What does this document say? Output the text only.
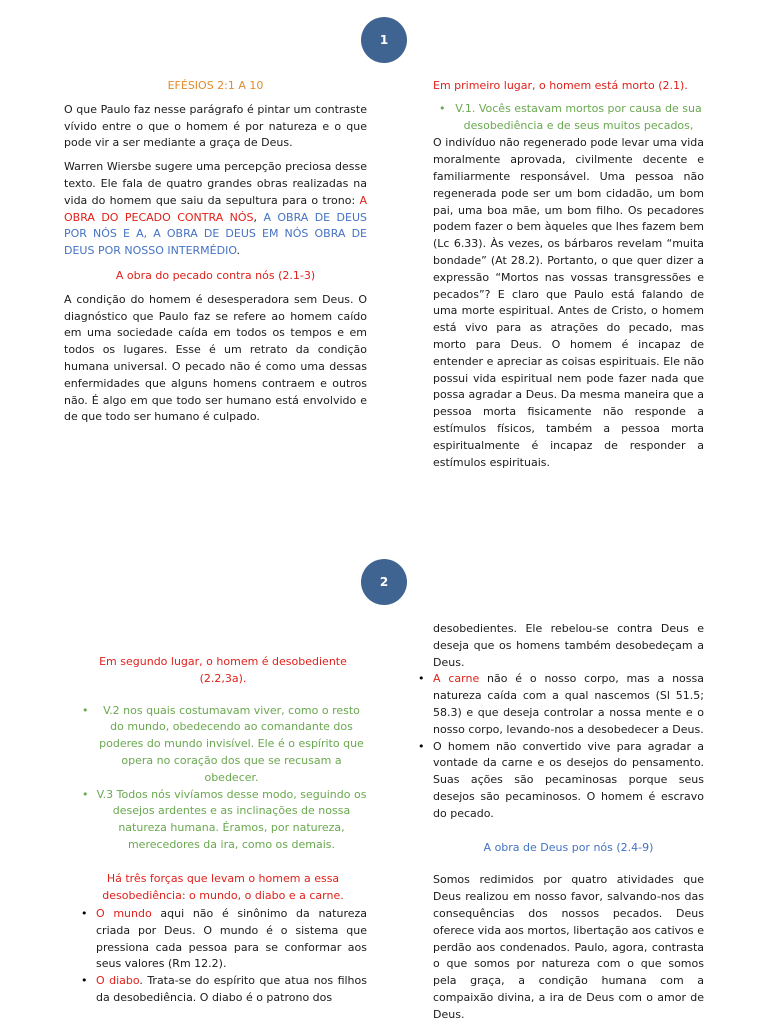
1

EFÉSIOS 2:1 A 10

O que Paulo faz nesse parágrafo é pintar um contraste vívido entre o que o homem é por natureza e o que pode vir a ser mediante a graça de Deus.

Warren Wiersbe sugere uma percepção preciosa desse texto. Ele fala de quatro grandes obras realizadas na vida do homem que saiu da sepultura para o trono: A OBRA DO PECADO CONTRA NÓS, A OBRA DE DEUS POR NÓS E A, A OBRA DE DEUS EM NÓS OBRA DE DEUS POR NOSSO INTERMÉDIO.

A obra do pecado contra nós (2.1-3)

A condição do homem é desesperadora sem Deus. O diagnóstico que Paulo faz se refere ao homem caído em uma sociedade caída em todos os tempos e em todos os lugares. Esse é um retrato da condição humana universal. O pecado não é como uma dessas enfermidades que alguns homens contraem e outros não. É algo em que todo ser humano está envolvido e de que todo ser humano é culpado.

Em primeiro lugar, o homem está morto (2.1).

• V.1. Vocês estavam mortos por causa de sua desobediência e de seus muitos pecados,

O indivíduo não regenerado pode levar uma vida moralmente aprovada, civilmente decente e familiarmente responsável. Uma pessoa não regenerada pode ser um bom cidadão, um bom pai, uma boa mãe, um bom filho. Os pecadores podem fazer o bem àqueles que lhes fazem bem (Lc 6.33). Às vezes, os bárbaros revelam “muita bondade” (At 28.2). Portanto, o que quer dizer a expressão “Mortos nas vossas transgressões e pecados”? E claro que Paulo está falando de uma morte espiritual. Antes de Cristo, o homem está vivo para as atrações do pecado, mas morto para Deus. O homem é incapaz de entender e apreciar as coisas espirituais. Ele não possui vida espiritual nem pode fazer nada que possa agradar a Deus. Da mesma maneira que a pessoa morta fisicamente não responde a estímulos físicos, também a pessoa morta espiritualmente é incapaz de responder a estímulos espirituais.

2

Em segundo lugar, o homem é desobediente (2.2,3a).

• V.2 nos quais costumavam viver, como o resto do mundo, obedecendo ao comandante dos poderes do mundo invisível. Ele é o espírito que opera no coração dos que se recusam a obedecer.
• V.3 Todos nós vivíamos desse modo, seguindo os desejos ardentes e as inclinações de nossa natureza humana. Éramos, por natureza, merecedores da ira, como os demais.

Há três forças que levam o homem a essa desobediência: o mundo, o diabo e a carne.

• O mundo aqui não é sinônimo da natureza criada por Deus. O mundo é o sistema que pressiona cada pessoa para se conformar aos seus valores (Rm 12.2).
• O diabo. Trata-se do espírito que atua nos filhos da desobediência. O diabo é o patrono dos

desobedientes. Ele rebelou-se contra Deus e deseja que os homens também desobedeçam a Deus.

• A carne não é o nosso corpo, mas a nossa natureza caída com a qual nascemos (Sl 51.5; 58.3) e que deseja controlar a nossa mente e o nosso corpo, levando-nos a desobedecer a Deus.
• O homem não convertido vive para agradar a vontade da carne e os desejos do pensamento. Suas ações são pecaminosas porque seus desejos são pecaminosos. O homem é escravo do pecado.

A obra de Deus por nós (2.4-9)

Somos redimidos por quatro atividades que Deus realizou em nosso favor, salvando-nos das consequências dos nossos pecados. Deus oferece vida aos mortos, libertação aos cativos e perdão aos condenados. Paulo, agora, contrasta o que somos por natureza com o que somos pela graça, a condição humana com a compaixão divina, a ira de Deus com o amor de Deus.
